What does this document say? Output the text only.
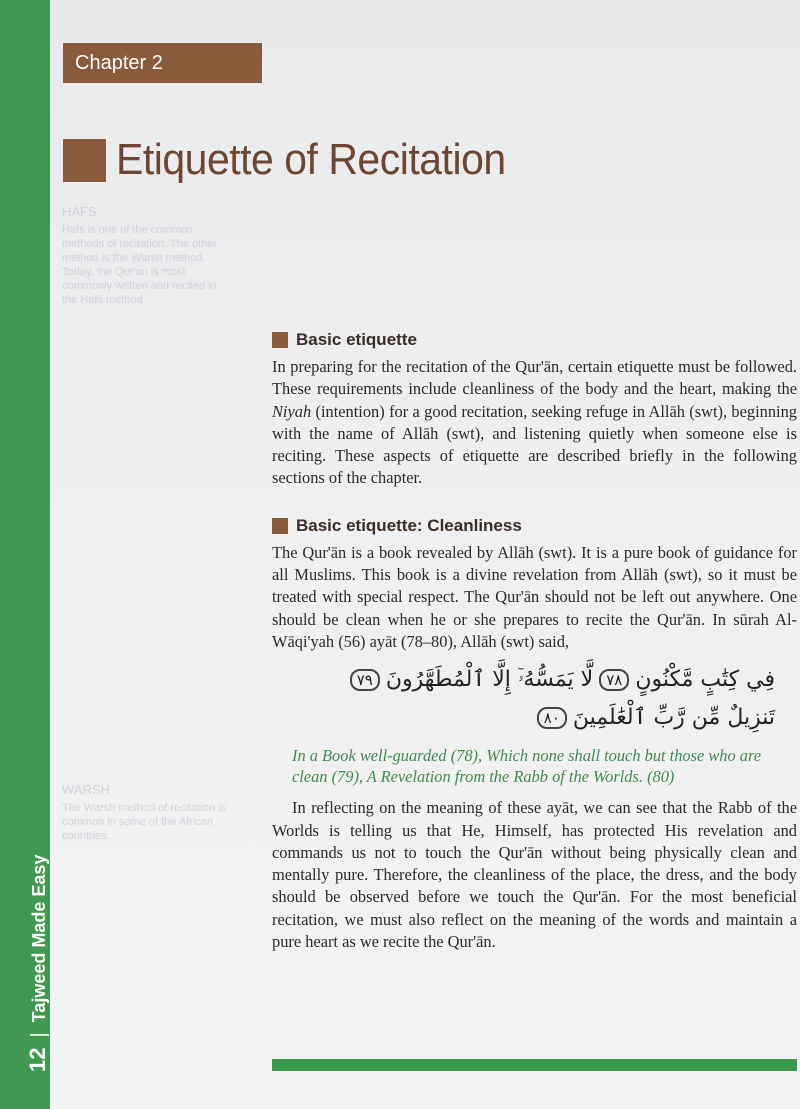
12|Tajweed Made Easy
Chapter 2
Etiquette of Recitation
HAFS
Hafs is one of the common methods of recitation. The other method is the Warsh method. Today, the Qur'an is most commonly written and recited in the Hafs method.
WARSH
The Warsh method of recitation is common in some of the African countries.
Basic etiquette

In preparing for the recitation of the Qur'ān, certain etiquette must be followed. These requirements include cleanliness of the body and the heart, making the Niyah (intention) for a good recitation, seeking refuge in Allāh (swt), beginning with the name of Allāh (swt), and listening quietly when someone else is reciting. These aspects of etiquette are described briefly in the following sections of the chapter.

Basic etiquette: Cleanliness

The Qur'ān is a book revealed by Allāh (swt). It is a pure book of guidance for all Muslims. This book is a divine revelation from Allāh (swt), so it must be treated with special respect. The Qur'ān should not be left out anywhere. One should be clean when he or she prepares to recite the Qur'ān. In sūrah Al-Wāqi'yah (56) ayāt (78–80), Allāh (swt) said,

فِي كِتَٰبٍ مَّكْنُونٍ٧٨لَّا يَمَسُّهُۥٓ إِلَّا ٱلْمُطَهَّرُونَ٧٩
تَنزِيلٌ مِّن رَّبِّ ٱلْعَٰلَمِينَ٨٠

In a Book well-guarded (78), Which none shall touch but those who are clean (79), A Revelation from the Rabb of the Worlds. (80)

In reflecting on the meaning of these ayāt, we can see that the Rabb of the Worlds is telling us that He, Himself, has protected His revelation and commands us not to touch the Qur'ān without being physically clean and mentally pure. Therefore, the cleanliness of the place, the dress, and the body should be observed before we touch the Qur'ān. For the most beneficial recitation, we must also reflect on the meaning of the words and maintain a pure heart as we recite the Qur'ān.
